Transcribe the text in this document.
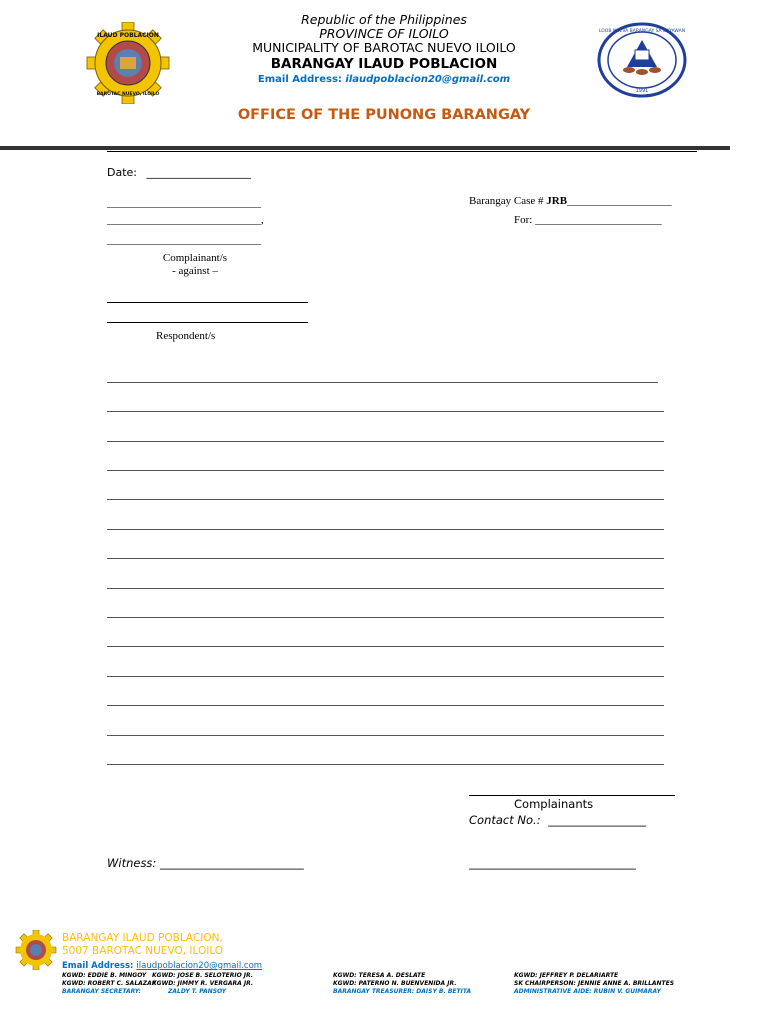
ILAUD POBLACION
BAROTAC NUEVO, ILOILO
LOOB NUEVA BARANGAY SA DAYAWAN
1991
Republic of the Philippines
PROVINCE OF ILOILO
MUNICIPALITY OF BAROTAC NUEVO ILOILO
BARANGAY ILAUD POBLACION
Email Address: ilaudpoblacion20@gmail.com
OFFICE OF THE PUNONG BARANGAY
Date: ___________________
____________________________
____________________________,
____________________________
Barangay Case # JRB___________________
For: _______________________
Complainant/s
- against –
Respondent/s
Complainants
Contact No.: _________________
Witness: _________________________	_____________________________
BARANGAY ILAUD POBLACION,
5007 BAROTAC NUEVO, ILOILO
Email Address: ilaudpoblacion20@gmail.com
KGWD: EDDIE B. MINGOY
KGWD: ROBERT C. SALAZAR
BARANGAY SECRETARY:
KGWD: JOSE B. SELOTERIO JR.
KGWD: JIMMY R. VERGARA JR.
ZALDY T. PANSOY
KGWD: TERESA A. DESLATE
KGWD: PATERNO N. BUENVENIDA JR.
BARANGAY TREASURER: DAISY B. BETITA
KGWD: JEFFREY P. DELARIARTE
SK CHAIRPERSON: JENNIE ANNE A. BRILLANTES
ADMINISTRATIVE AIDE: RUBIN V. GUIMARAY
